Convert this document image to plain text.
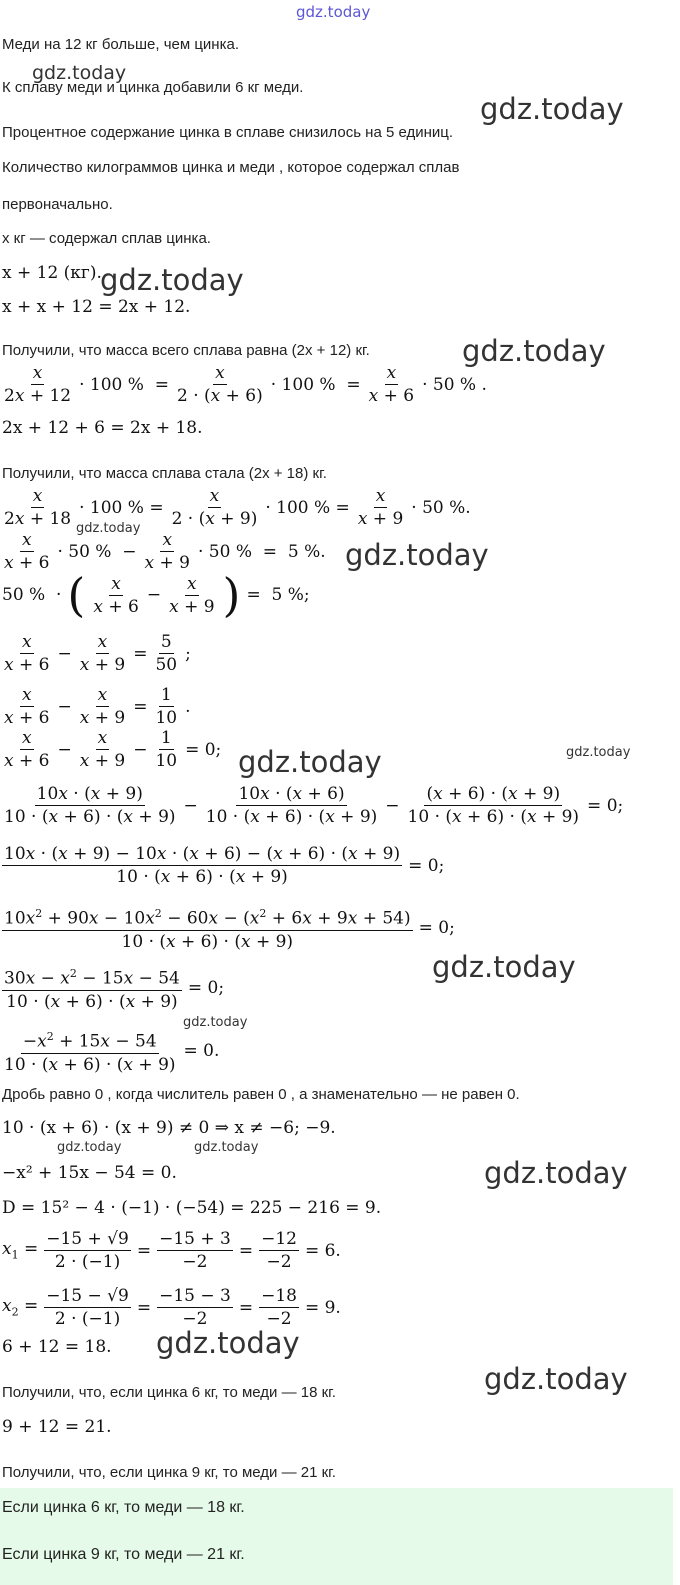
gdz.today
Меди на 12 кг больше, чем цинка.
gdz.today
К сплаву меди и цинка добавили 6 кг меди.
gdz.today
Процентное содержание цинка в сплаве снизилось на 5 единиц.
Количество килограммов цинка и меди , которое содержал сплав
первоначально.
x кг — содержал сплав цинка.
x + 12 (кг).
gdz.today
x + x + 12 = 2x + 12.
Получили, что масса всего сплава равна (2x + 12) кг.	gdz.today
$\frac{x}{2x + 12} \cdot 100$ %  = $\frac{x}{2 \cdot (x + 6)} \cdot 100$ %  = $\frac{x}{x + 6} \cdot 50$ % .
2x + 12 + 6 = 2x + 18.
Получили, что масса сплава стала (2x + 18) кг.
$\frac{x}{2x + 18} \cdot 100$ % = $\frac{x}{2 \cdot (x + 9)} \cdot 100$ % = $\frac{x}{x + 9} \cdot 50$ %.
gdz.today
$\frac{x}{x + 6} \cdot 50$ %  − $\frac{x}{x + 9} \cdot 50$ %  =  5 %. gdz.today
50 %  · ( $\frac{x}{x + 6} - \frac{x}{x + 9}$ ) =  5 %;
$\frac{x}{x + 6} - \frac{x}{x + 9} = \frac{5}{50}$ ;
$\frac{x}{x + 6} - \frac{x}{x + 9} = \frac{1}{10}$ .
$\frac{x}{x + 6} - \frac{x}{x + 9} - \frac{1}{10} = 0$; gdz.today	gdz.today
$\frac{10x \cdot (x + 9)}{10 \cdot (x + 6) \cdot (x + 9)} - \frac{10x \cdot (x + 6)}{10 \cdot (x + 6) \cdot (x + 9)} - \frac{(x + 6) \cdot (x + 9)}{10 \cdot (x + 6) \cdot (x + 9)} = 0$;
$\frac{10x \cdot (x + 9) - 10x \cdot (x + 6) - (x + 6) \cdot (x + 9)}{10 \cdot (x + 6) \cdot (x + 9)} = 0$;
$\frac{10x^2 + 90x - 10x^2 - 60x - (x^2 + 6x + 9x + 54)}{10 \cdot (x + 6) \cdot (x + 9)} = 0$;
gdz.today
$\frac{30x - x^2 - 15x - 54}{10 \cdot (x + 6) \cdot (x + 9)} = 0$;
gdz.today
$\frac{-x^2 + 15x - 54}{10 \cdot (x + 6) \cdot (x + 9)} = 0$.
Дробь равно 0 , когда числитель равен 0 , а знаменательно — не равен 0.
10 · (x + 6) · (x + 9) ≠ 0 ⇒ x ≠ −6; −9.
gdz.today	gdz.today
−x² + 15x − 54 = 0.	gdz.today
D = 15² − 4 · (−1) · (−54) = 225 − 216 = 9.
$x_1 = \frac{-15 + √9}{2 \cdot (-1)} = \frac{-15 + 3}{-2} = \frac{-12}{-2} = 6$.
$x_2 = \frac{-15 - √9}{2 \cdot (-1)} = \frac{-15 - 3}{-2} = \frac{-18}{-2} = 9$.
6 + 12 = 18. gdz.today
gdz.today
Получили, что, если цинка 6 кг, то меди — 18 кг.
9 + 12 = 21.
Получили, что, если цинка 9 кг, то меди — 21 кг.
Если цинка 6 кг, то меди — 18 кг.
Если цинка 9 кг, то меди — 21 кг.
